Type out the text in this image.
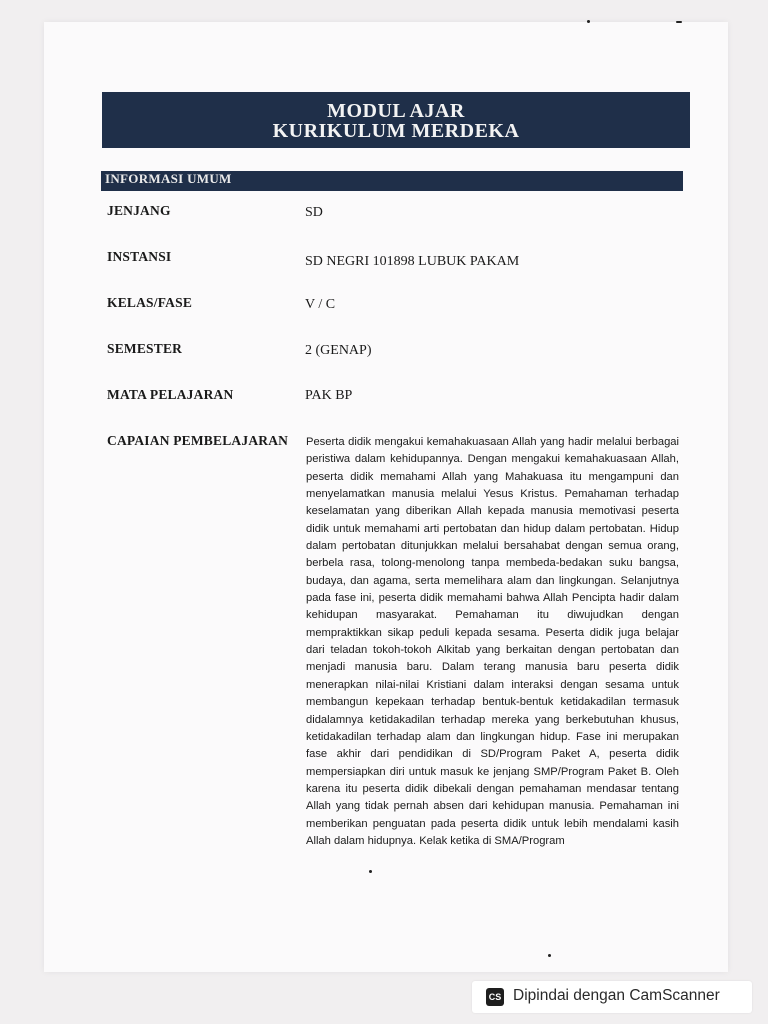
MODUL AJAR
KURIKULUM MERDEKA
INFORMASI UMUM
JENJANG	SD
INSTANSI	SD NEGRI 101898 LUBUK PAKAM
KELAS/FASE	V / C
SEMESTER	2 (GENAP)
MATA PELAJARAN	PAK BP
CAPAIAN PEMBELAJARAN Peserta didik mengakui kemahakuasaan Allah yang hadir melalui berbagai peristiwa dalam kehidupannya. Dengan mengakui kemahakuasaan Allah, peserta didik memahami Allah yang Mahakuasa itu mengampuni dan menyelamatkan manusia melalui Yesus Kristus. Pemahaman terhadap keselamatan yang diberikan Allah kepada manusia memotivasi peserta didik untuk memahami arti pertobatan dan hidup dalam pertobatan. Hidup dalam pertobatan ditunjukkan melalui bersahabat dengan semua orang, berbela rasa, tolong-menolong tanpa membeda-bedakan suku bangsa, budaya, dan agama, serta memelihara alam dan lingkungan. Selanjutnya pada fase ini, peserta didik memahami bahwa Allah Pencipta hadir dalam kehidupan masyarakat. Pemahaman itu diwujudkan dengan mempraktikkan sikap peduli kepada sesama. Peserta didik juga belajar dari teladan tokoh-tokoh Alkitab yang berkaitan dengan pertobatan dan menjadi manusia baru. Dalam terang manusia baru peserta didik menerapkan nilai-nilai Kristiani dalam interaksi dengan sesama untuk membangun kepekaan terhadap bentuk-bentuk ketidakadilan termasuk didalamnya ketidakadilan terhadap mereka yang berkebutuhan khusus, ketidakadilan terhadap alam dan lingkungan hidup. Fase ini merupakan fase akhir dari pendidikan di SD/Program Paket A, peserta didik mempersiapkan diri untuk masuk ke jenjang SMP/Program Paket B. Oleh karena itu peserta didik dibekali dengan pemahaman mendasar tentang Allah yang tidak pernah absen dari kehidupan manusia. Pemahaman ini memberikan penguatan pada peserta didik untuk lebih mendalami kasih Allah dalam hidupnya. Kelak ketika di SMA/Program
CS Dipindai dengan CamScanner
